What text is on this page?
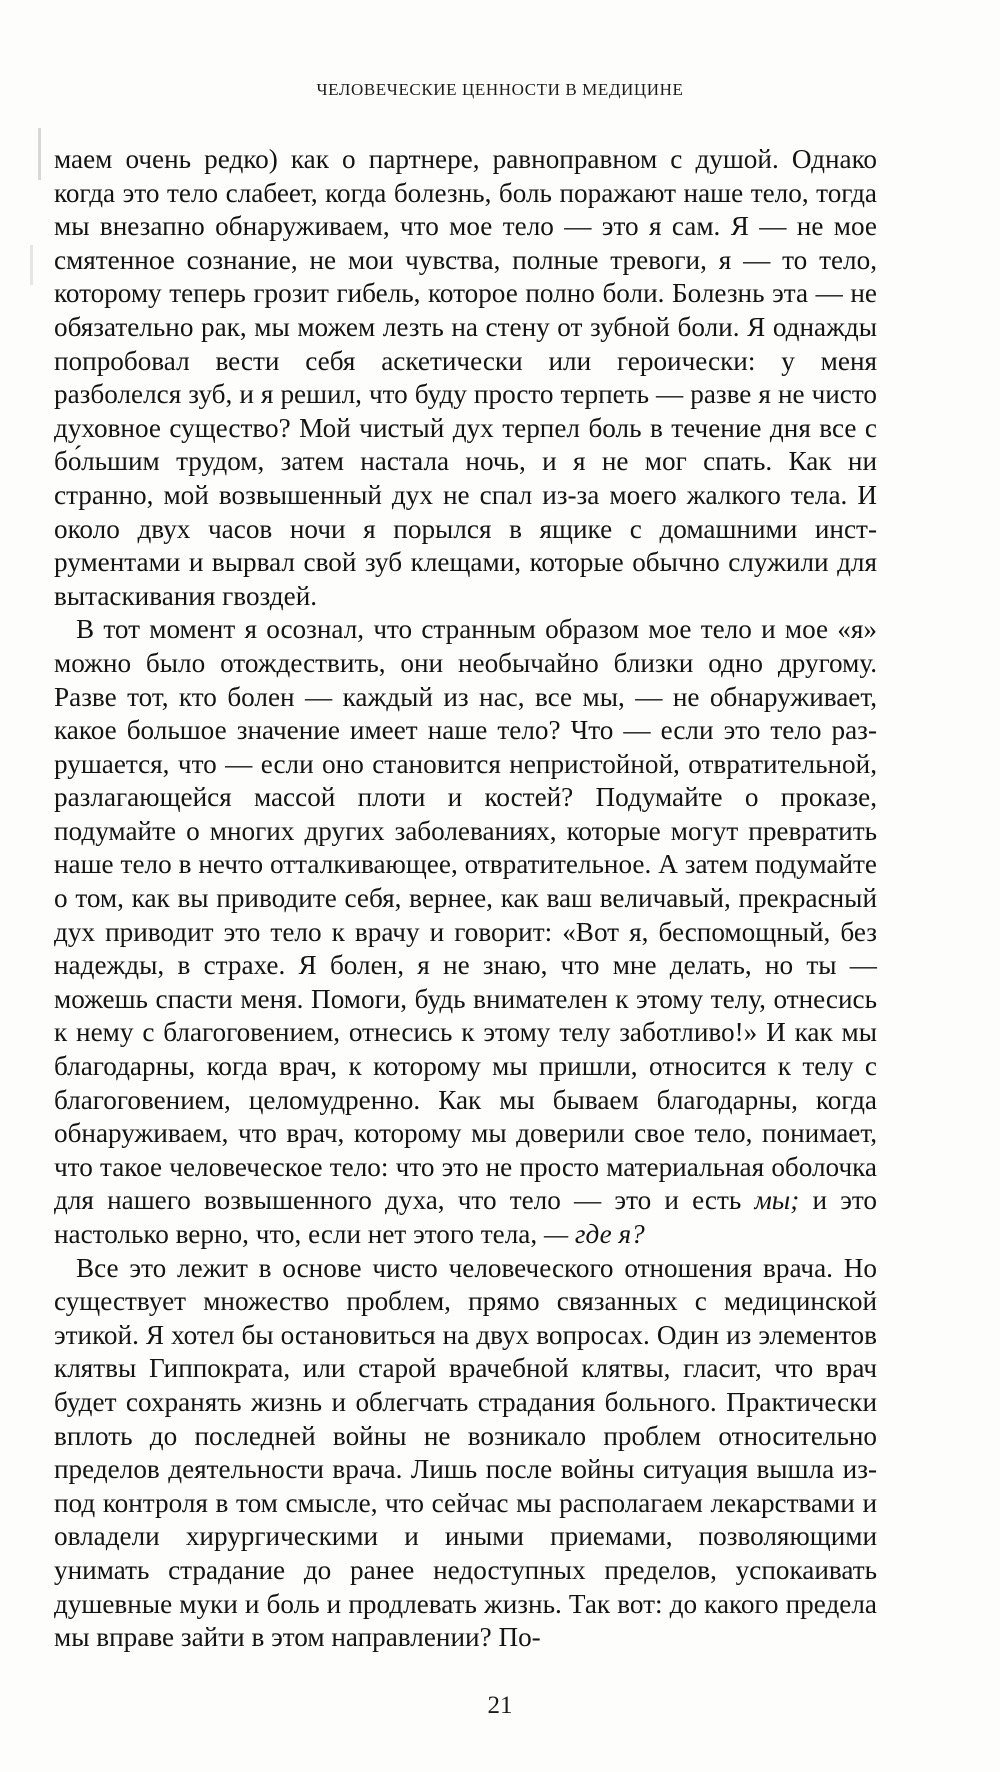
ЧЕЛОВЕЧЕСКИЕ ЦЕННОСТИ В МЕДИЦИНЕ

маем очень редко) как о партнере, равноправном с душой. Однако когда это тело слабеет, когда болезнь, боль поражают наше тело, тогда мы внезапно обнаруживаем, что мое тело — это я сам. Я — не мое смятенное сознание, не мои чувства, полные тревоги, я — то тело, которому теперь грозит гибель, которое полно боли. Болезнь эта — не обязательно рак, мы можем лезть на стену от зубной боли. Я однажды попробовал вести себя аскетически или героически: у меня разболелся зуб, и я решил, что буду просто терпеть — разве я не чисто духовное существо? Мой чистый дух терпел боль в течение дня все с бо́льшим трудом, затем настала ночь, и я не мог спать. Как ни странно, мой возвышенный дух не спал из-за моего жалкого тела. И около двух часов ночи я порылся в ящике с домашними инструментами и вырвал свой зуб клещами, которые обычно служили для вытаскивания гвоздей.

В тот момент я осознал, что странным образом мое тело и мое «я» можно было отождествить, они необычайно близки одно другому. Разве тот, кто болен — каждый из нас, все мы, — не обнаруживает, какое большое значение имеет наше тело? Что — если это тело разрушается, что — если оно становится непристойной, отвратительной, разлагающейся массой плоти и костей? Подумайте о проказе, подумайте о многих других заболеваниях, которые могут превратить наше тело в нечто отталкивающее, отвратительное. А затем подумайте о том, как вы приводите себя, вернее, как ваш величавый, прекрасный дух приводит это тело к врачу и говорит: «Вот я, беспомощный, без надежды, в страхе. Я болен, я не знаю, что мне делать, но ты — можешь спасти меня. Помоги, будь внимателен к этому телу, отнесись к нему с благоговением, отнесись к этому телу заботливо!» И как мы благодарны, когда врач, к которому мы пришли, относится к телу с благоговением, целомудренно. Как мы бываем благодарны, когда обнаруживаем, что врач, которому мы доверили свое тело, понимает, что такое человеческое тело: что это не просто материальная оболочка для нашего возвышенного духа, что тело — это и есть мы; и это настолько верно, что, если нет этого тела, — где я?

Все это лежит в основе чисто человеческого отношения врача. Но существует множество проблем, прямо связанных с медицинской этикой. Я хотел бы остановиться на двух вопросах. Один из элементов клятвы Гиппократа, или старой врачебной клятвы, гласит, что врач будет сохранять жизнь и облегчать страдания больного. Практически вплоть до последней войны не возникало проблем относительно пределов деятельности врача. Лишь после войны ситуация вышла из-под контроля в том смысле, что сейчас мы располагаем лекарствами и овладели хирургическими и иными приемами, позволяющими унимать страдание до ранее недоступных пределов, успокаивать душевные муки и боль и продлевать жизнь. Так вот: до какого предела мы вправе зайти в этом направлении? По-

21
